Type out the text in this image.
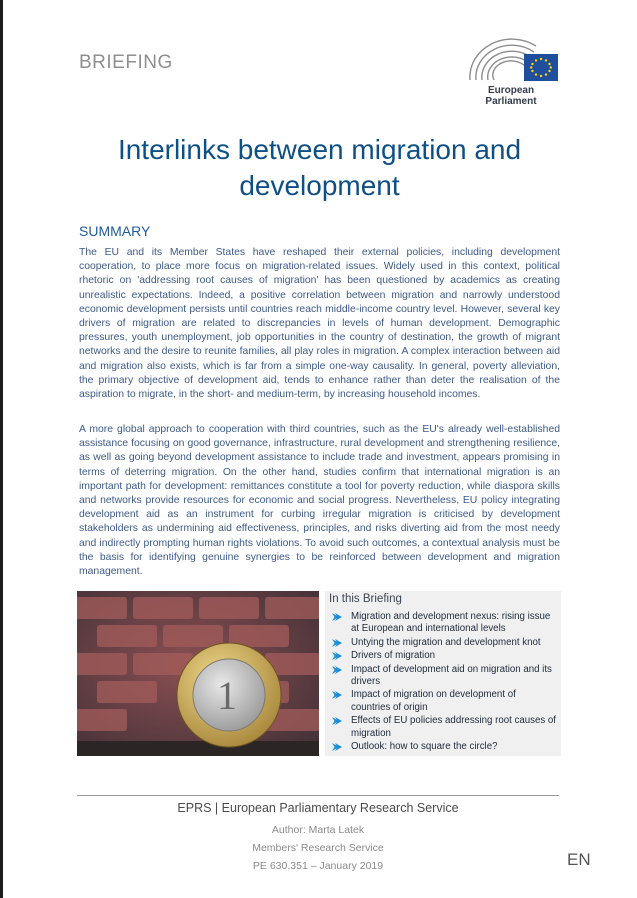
BRIEFING
European Parliament
Interlinks between migration and development
SUMMARY

The EU and its Member States have reshaped their external policies, including development cooperation, to place more focus on migration-related issues. Widely used in this context, political rhetoric on 'addressing root causes of migration' has been questioned by academics as creating unrealistic expectations. Indeed, a positive correlation between migration and narrowly understood economic development persists until countries reach middle-income country level. However, several key drivers of migration are related to discrepancies in levels of human development. Demographic pressures, youth unemployment, job opportunities in the country of destination, the growth of migrant networks and the desire to reunite families, all play roles in migration. A complex interaction between aid and migration also exists, which is far from a simple one-way causality. In general, poverty alleviation, the primary objective of development aid, tends to enhance rather than deter the realisation of the aspiration to migrate, in the short- and medium-term, by increasing household incomes.

A more global approach to cooperation with third countries, such as the EU's already well-established assistance focusing on good governance, infrastructure, rural development and strengthening resilience, as well as going beyond development assistance to include trade and investment, appears promising in terms of deterring migration. On the other hand, studies confirm that international migration is an important path for development: remittances constitute a tool for poverty reduction, while diaspora skills and networks provide resources for economic and social progress. Nevertheless, EU policy integrating development aid as an instrument for curbing irregular migration is criticised by development stakeholders as undermining aid effectiveness, principles, and risks diverting aid from the most needy and indirectly prompting human rights violations. To avoid such outcomes, a contextual analysis must be the basis for identifying genuine synergies to be reinforced between development and migration management.

1
In this Briefing
Migration and development nexus: rising issue at European and international levels
Untying the migration and development knot
Drivers of migration
Impact of development aid on migration and its drivers
Impact of migration on development of countries of origin
Effects of EU policies addressing root causes of migration
Outlook: how to square the circle?
EPRS | European Parliamentary Research Service
Author: Marta Latek
Members' Research Service
PE 630.351 – January 2019	EN
